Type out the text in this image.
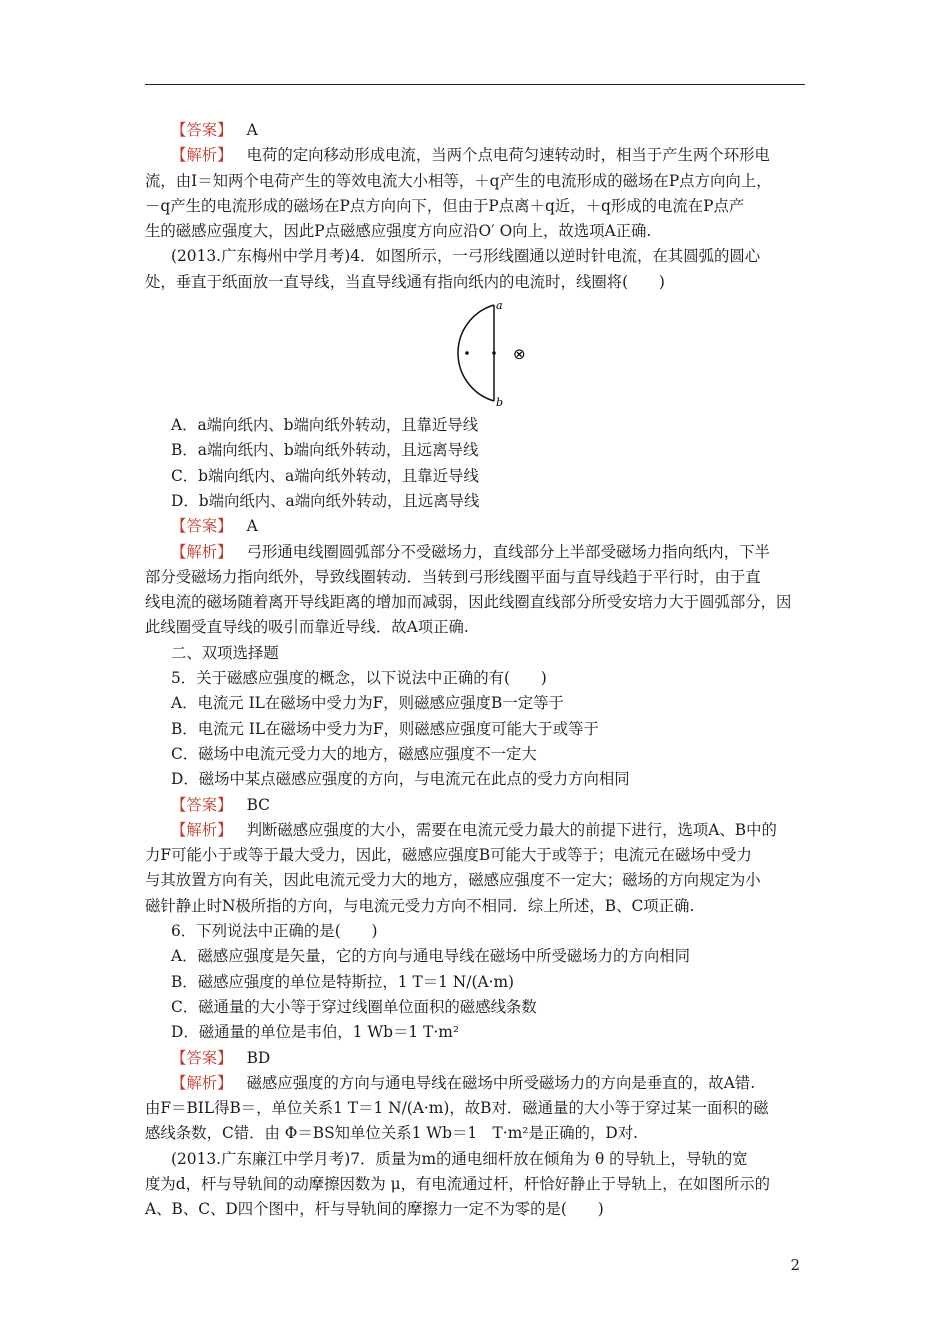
【答案】 A

【解析】 电荷的定向移动形成电流，当两个点电荷匀速转动时，相当于产生两个环形电

流，由I＝知两个电荷产生的等效电流大小相等，＋q产生的电流形成的磁场在P点方向向上，

－q产生的电流形成的磁场在P点方向向下，但由于P点离＋q近，＋q形成的电流在P点产

生的磁感应强度大，因此P点磁感应强度方向应沿O′ O向上，故选项A正确.

(2013.广东梅州中学月考)4．如图所示，一弓形线圈通以逆时针电流，在其圆弧的圆心

处，垂直于纸面放一直导线，当直导线通有指向纸内的电流时，线圈将(　　)

a
b
⊗

A．a端向纸内、b端向纸外转动，且靠近导线

B．a端向纸内、b端向纸外转动，且远离导线

C．b端向纸内、a端向纸外转动，且靠近导线

D．b端向纸内、a端向纸外转动，且远离导线

【答案】 A

【解析】 弓形通电线圈圆弧部分不受磁场力，直线部分上半部受磁场力指向纸内，下半

部分受磁场力指向纸外，导致线圈转动．当转到弓形线圈平面与直导线趋于平行时，由于直

线电流的磁场随着离开导线距离的增加而减弱，因此线圈直线部分所受安培力大于圆弧部分，因

此线圈受直导线的吸引而靠近导线．故A项正确.

二、双项选择题

5．关于磁感应强度的概念，以下说法中正确的有(　　)

A．电流元 IL在磁场中受力为F，则磁感应强度B一定等于

B．电流元 IL在磁场中受力为F，则磁感应强度可能大于或等于

C．磁场中电流元受力大的地方，磁感应强度不一定大

D．磁场中某点磁感应强度的方向，与电流元在此点的受力方向相同

【答案】 BC

【解析】 判断磁感应强度的大小，需要在电流元受力最大的前提下进行，选项A、B中的

力F可能小于或等于最大受力，因此，磁感应强度B可能大于或等于；电流元在磁场中受力

与其放置方向有关，因此电流元受力大的地方，磁感应强度不一定大；磁场的方向规定为小

磁针静止时N极所指的方向，与电流元受力方向不相同．综上所述，B、C项正确.

6．下列说法中正确的是(　　)

A．磁感应强度是矢量，它的方向与通电导线在磁场中所受磁场力的方向相同

B．磁感应强度的单位是特斯拉，1 T＝1 N/(A·m)

C．磁通量的大小等于穿过线圈单位面积的磁感线条数

D．磁通量的单位是韦伯，1 Wb＝1 T·m²

【答案】 BD

【解析】 磁感应强度的方向与通电导线在磁场中所受磁场力的方向是垂直的，故A错.

由F＝BIL得B＝，单位关系1 T＝1 N/(A·m)，故B对．磁通量的大小等于穿过某一面积的磁

感线条数，C错．由 Φ＝BS知单位关系1 Wb＝1　T·m²是正确的，D对.

(2013.广东廉江中学月考)7．质量为m的通电细杆放在倾角为 θ 的导轨上，导轨的宽

度为d，杆与导轨间的动摩擦因数为 μ，有电流通过杆，杆恰好静止于导轨上，在如图所示的

A、B、C、D四个图中，杆与导轨间的摩擦力一定不为零的是(　　)

2
